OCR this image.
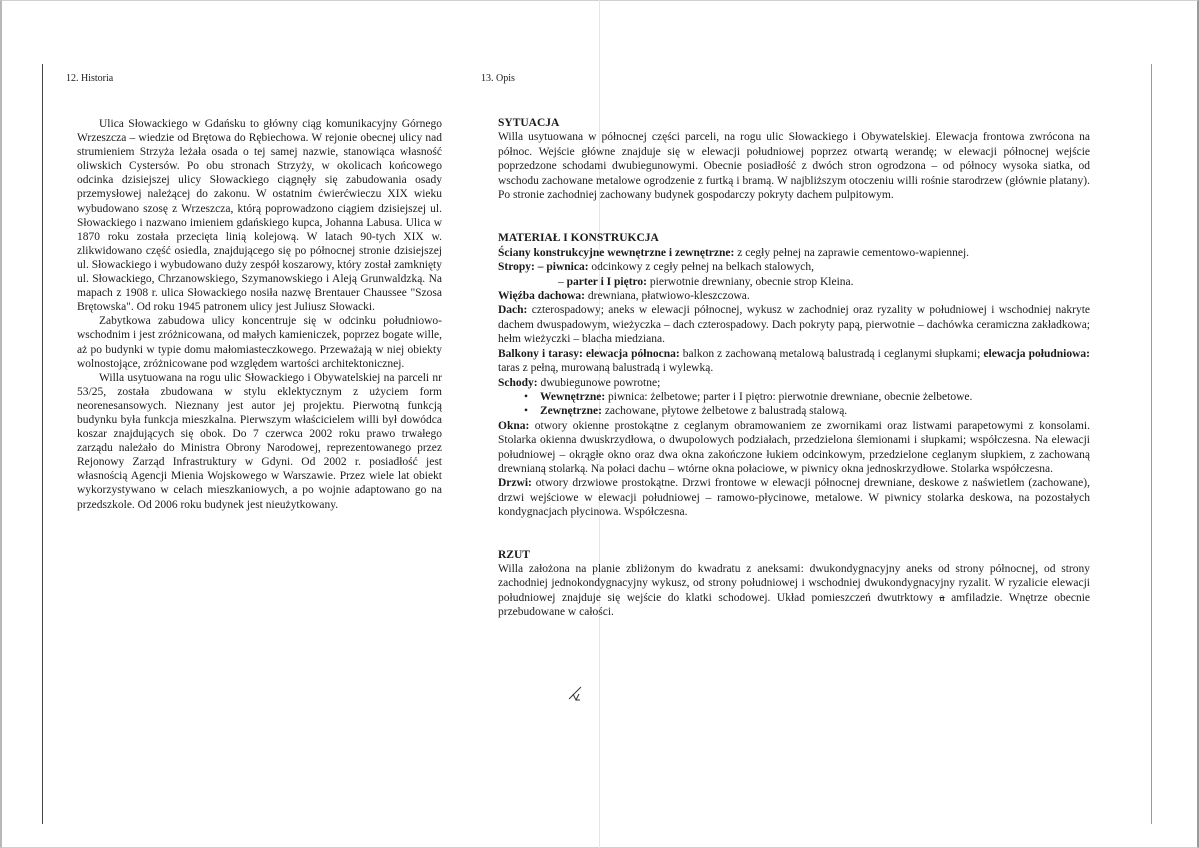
12. Historia	13. Opis

Ulica Słowackiego w Gdańsku to główny ciąg komunikacyjny Górnego Wrzeszcza – wiedzie od Brętowa do Rębiechowa. W rejonie obecnej ulicy nad strumieniem Strzyża leżała osada o tej samej nazwie, stanowiąca własność oliwskich Cystersów. Po obu stronach Strzyży, w okolicach końcowego odcinka dzisiejszej ulicy Słowackiego ciągnęły się zabudowania osady przemysłowej należącej do zakonu. W ostatnim ćwierćwieczu XIX wieku wybudowano szosę z Wrzeszcza, którą poprowadzono ciągiem dzisiejszej ul. Słowackiego i nazwano imieniem gdańskiego kupca, Johanna Labusa. Ulica w 1870 roku została przecięta linią kolejową. W latach 90-tych XIX w. zlikwidowano część osiedla, znajdującego się po północnej stronie dzisiejszej ul. Słowackiego i wybudowano duży zespół koszarowy, który został zamknięty ul. Słowackiego, Chrzanowskiego, Szymanowskiego i Aleją Grunwaldzką. Na mapach z 1908 r. ulica Słowackiego nosiła nazwę Brentauer Chaussee "Szosa Brętowska". Od roku 1945 patronem ulicy jest Juliusz Słowacki.

Zabytkowa zabudowa ulicy koncentruje się w odcinku południowo-wschodnim i jest zróżnicowana, od małych kamieniczek, poprzez bogate wille, aż po budynki w typie domu małomiasteczkowego. Przeważają w niej obiekty wolnostojące, zróżnicowane pod względem wartości architektonicznej.

Willa usytuowana na rogu ulic Słowackiego i Obywatelskiej na parceli nr 53/25, została zbudowana w stylu eklektycznym z użyciem form neorenesansowych. Nieznany jest autor jej projektu. Pierwotną funkcją budynku była funkcja mieszkalna. Pierwszym właścicielem willi był dowódca koszar znajdujących się obok. Do 7 czerwca 2002 roku prawo trwałego zarządu należało do Ministra Obrony Narodowej, reprezentowanego przez Rejonowy Zarząd Infrastruktury w Gdyni. Od 2002 r. posiadłość jest własnością Agencji Mienia Wojskowego w Warszawie. Przez wiele lat obiekt wykorzystywano w celach mieszkaniowych, a po wojnie adaptowano go na przedszkole. Od 2006 roku budynek jest nieużytkowany.

SYTUACJA

Willa usytuowana w północnej części parceli, na rogu ulic Słowackiego i Obywatelskiej. Elewacja frontowa zwrócona na północ. Wejście główne znajduje się w elewacji południowej poprzez otwartą werandę; w elewacji północnej wejście poprzedzone schodami dwubiegunowymi. Obecnie posiadłość z dwóch stron ogrodzona – od północy wysoka siatka, od wschodu zachowane metalowe ogrodzenie z furtką i bramą. W najbliższym otoczeniu willi rośnie starodrzew (głównie platany). Po stronie zachodniej zachowany budynek gospodarczy pokryty dachem pulpitowym.

MATERIAŁ I KONSTRUKCJA

Ściany konstrukcyjne wewnętrzne i zewnętrzne: z cegły pełnej na zaprawie cementowo-wapiennej.

Stropy: – piwnica: odcinkowy z cegły pełnej na belkach stalowych,

– parter i I piętro: pierwotnie drewniany, obecnie strop Kleina.

Więźba dachowa: drewniana, płatwiowo-kleszczowa.

Dach: czterospadowy; aneks w elewacji północnej, wykusz w zachodniej oraz ryzality w południowej i wschodniej nakryte dachem dwuspadowym, wieżyczka – dach czterospadowy. Dach pokryty papą, pierwotnie – dachówka ceramiczna zakładkowa; hełm wieżyczki – blacha miedziana.

Balkony i tarasy: elewacja północna: balkon z zachowaną metalową balustradą i ceglanymi słupkami; elewacja południowa: taras z pełną, murowaną balustradą i wylewką.

Schody: dwubiegunowe powrotne;

• Wewnętrzne: piwnica: żelbetowe; parter i I piętro: pierwotnie drewniane, obecnie żelbetowe.
• Zewnętrzne: zachowane, płytowe żelbetowe z balustradą stalową.

Okna: otwory okienne prostokątne z ceglanym obramowaniem ze zwornikami oraz listwami parapetowymi z konsolami. Stolarka okienna dwuskrzydłowa, o dwupolowych podziałach, przedzielona ślemionami i słupkami; współczesna. Na elewacji południowej – okrągłe okno oraz dwa okna zakończone łukiem odcinkowym, przedzielone ceglanym słupkiem, z zachowaną drewnianą stolarką. Na połaci dachu – wtórne okna połaciowe, w piwnicy okna jednoskrzydłowe. Stolarka współczesna.

Drzwi: otwory drzwiowe prostokątne. Drzwi frontowe w elewacji północnej drewniane, deskowe z naświetlem (zachowane), drzwi wejściowe w elewacji południowej – ramowo-płycinowe, metalowe. W piwnicy stolarka deskowa, na pozostałych kondygnacjach płycinowa. Współczesna.

RZUT

Willa założona na planie zbliżonym do kwadratu z aneksami: dwukondygnacyjny aneks od strony północnej, od strony zachodniej jednokondygnacyjny wykusz, od strony południowej i wschodniej dwukondygnacyjny ryzalit. W ryzalicie elewacji południowej znajduje się wejście do klatki schodowej. Układ pomieszczeń dwutrktowy a amfiladzie. Wnętrze obecnie przebudowane w całości.
